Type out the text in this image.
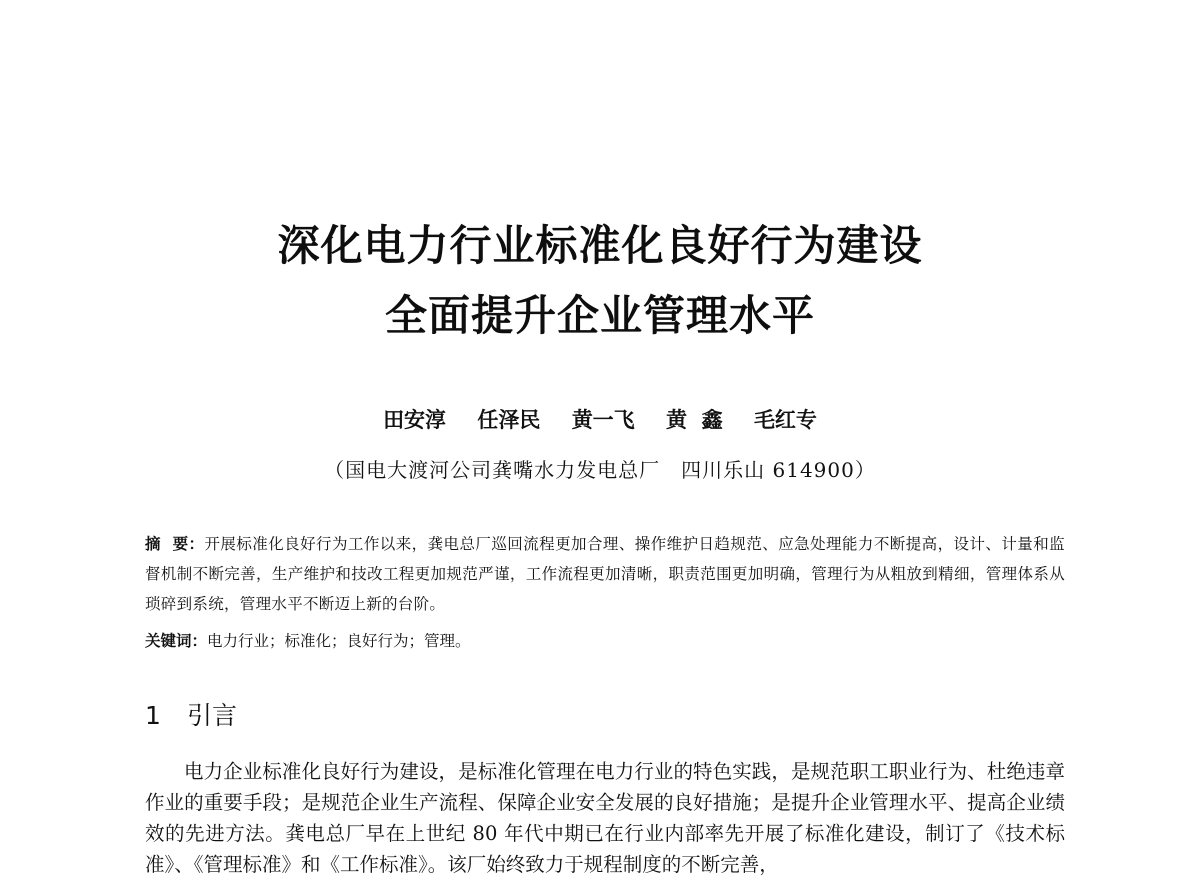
深化电力行业标准化良好行为建设
全面提升企业管理水平
田安淳 任泽民 黄一飞 黄  鑫 毛红专
（国电大渡河公司龚嘴水力发电总厂　四川乐山 614900）
摘  要：开展标准化良好行为工作以来，龚电总厂巡回流程更加合理、操作维护日趋规范、应急处理能力不断提高，设计、计量和监督机制不断完善，生产维护和技改工程更加规范严谨，工作流程更加清晰，职责范围更加明确，管理行为从粗放到精细，管理体系从琐碎到系统，管理水平不断迈上新的台阶。
关键词：电力行业；标准化；良好行为；管理。
1 引言
电力企业标准化良好行为建设，是标准化管理在电力行业的特色实践，是规范职工职业行为、杜绝违章作业的重要手段；是规范企业生产流程、保障企业安全发展的良好措施；是提升企业管理水平、提高企业绩效的先进方法。龚电总厂早在上世纪 80 年代中期已在行业内部率先开展了标准化建设，制订了《技术标准》、《管理标准》和《工作标准》。该厂始终致力于规程制度的不断完善，
